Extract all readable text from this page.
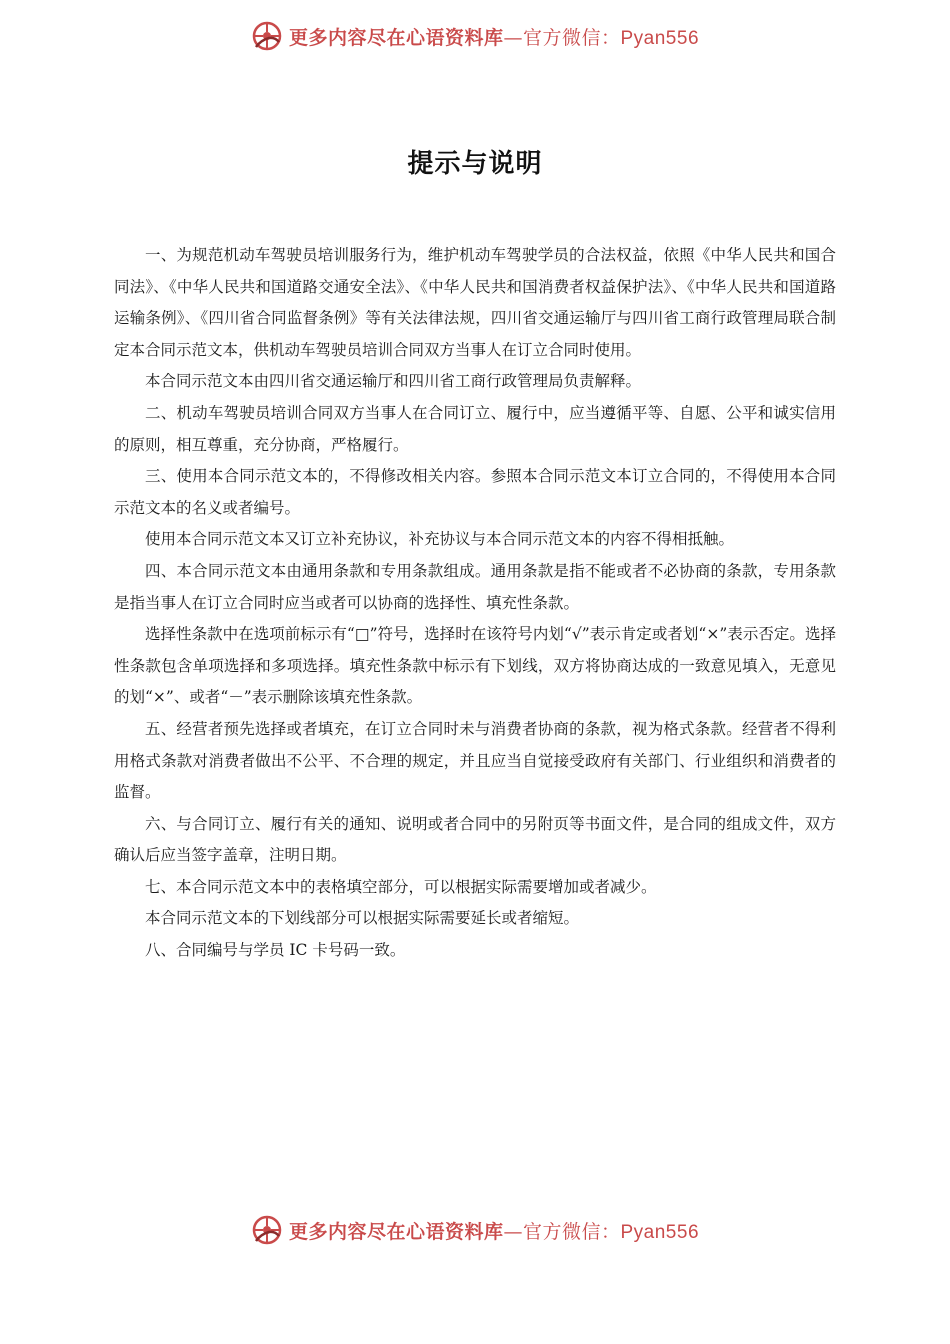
更多内容尽在心语资料库—官方微信：Pyan556
提示与说明

一、为规范机动车驾驶员培训服务行为，维护机动车驾驶学员的合法权益，依照《中华人民共和国合同法》、《中华人民共和国道路交通安全法》、《中华人民共和国消费者权益保护法》、《中华人民共和国道路运输条例》、《四川省合同监督条例》等有关法律法规，四川省交通运输厅与四川省工商行政管理局联合制定本合同示范文本，供机动车驾驶员培训合同双方当事人在订立合同时使用。

本合同示范文本由四川省交通运输厅和四川省工商行政管理局负责解释。

二、机动车驾驶员培训合同双方当事人在合同订立、履行中，应当遵循平等、自愿、公平和诚实信用的原则，相互尊重，充分协商，严格履行。

三、使用本合同示范文本的，不得修改相关内容。参照本合同示范文本订立合同的，不得使用本合同示范文本的名义或者编号。

使用本合同示范文本又订立补充协议，补充协议与本合同示范文本的内容不得相抵触。

四、本合同示范文本由通用条款和专用条款组成。通用条款是指不能或者不必协商的条款，专用条款是指当事人在订立合同时应当或者可以协商的选择性、填充性条款。

选择性条款中在选项前标示有“□”符号，选择时在该符号内划“√”表示肯定或者划“×”表示否定。选择性条款包含单项选择和多项选择。填充性条款中标示有下划线，双方将协商达成的一致意见填入，无意见的划“×”、或者“－”表示删除该填充性条款。

五、经营者预先选择或者填充，在订立合同时未与消费者协商的条款，视为格式条款。经营者不得利用格式条款对消费者做出不公平、不合理的规定，并且应当自觉接受政府有关部门、行业组织和消费者的监督。

六、与合同订立、履行有关的通知、说明或者合同中的另附页等书面文件，是合同的组成文件，双方确认后应当签字盖章，注明日期。

七、本合同示范文本中的表格填空部分，可以根据实际需要增加或者减少。

本合同示范文本的下划线部分可以根据实际需要延长或者缩短。

八、合同编号与学员 IC 卡号码一致。

更多内容尽在心语资料库—官方微信：Pyan556
